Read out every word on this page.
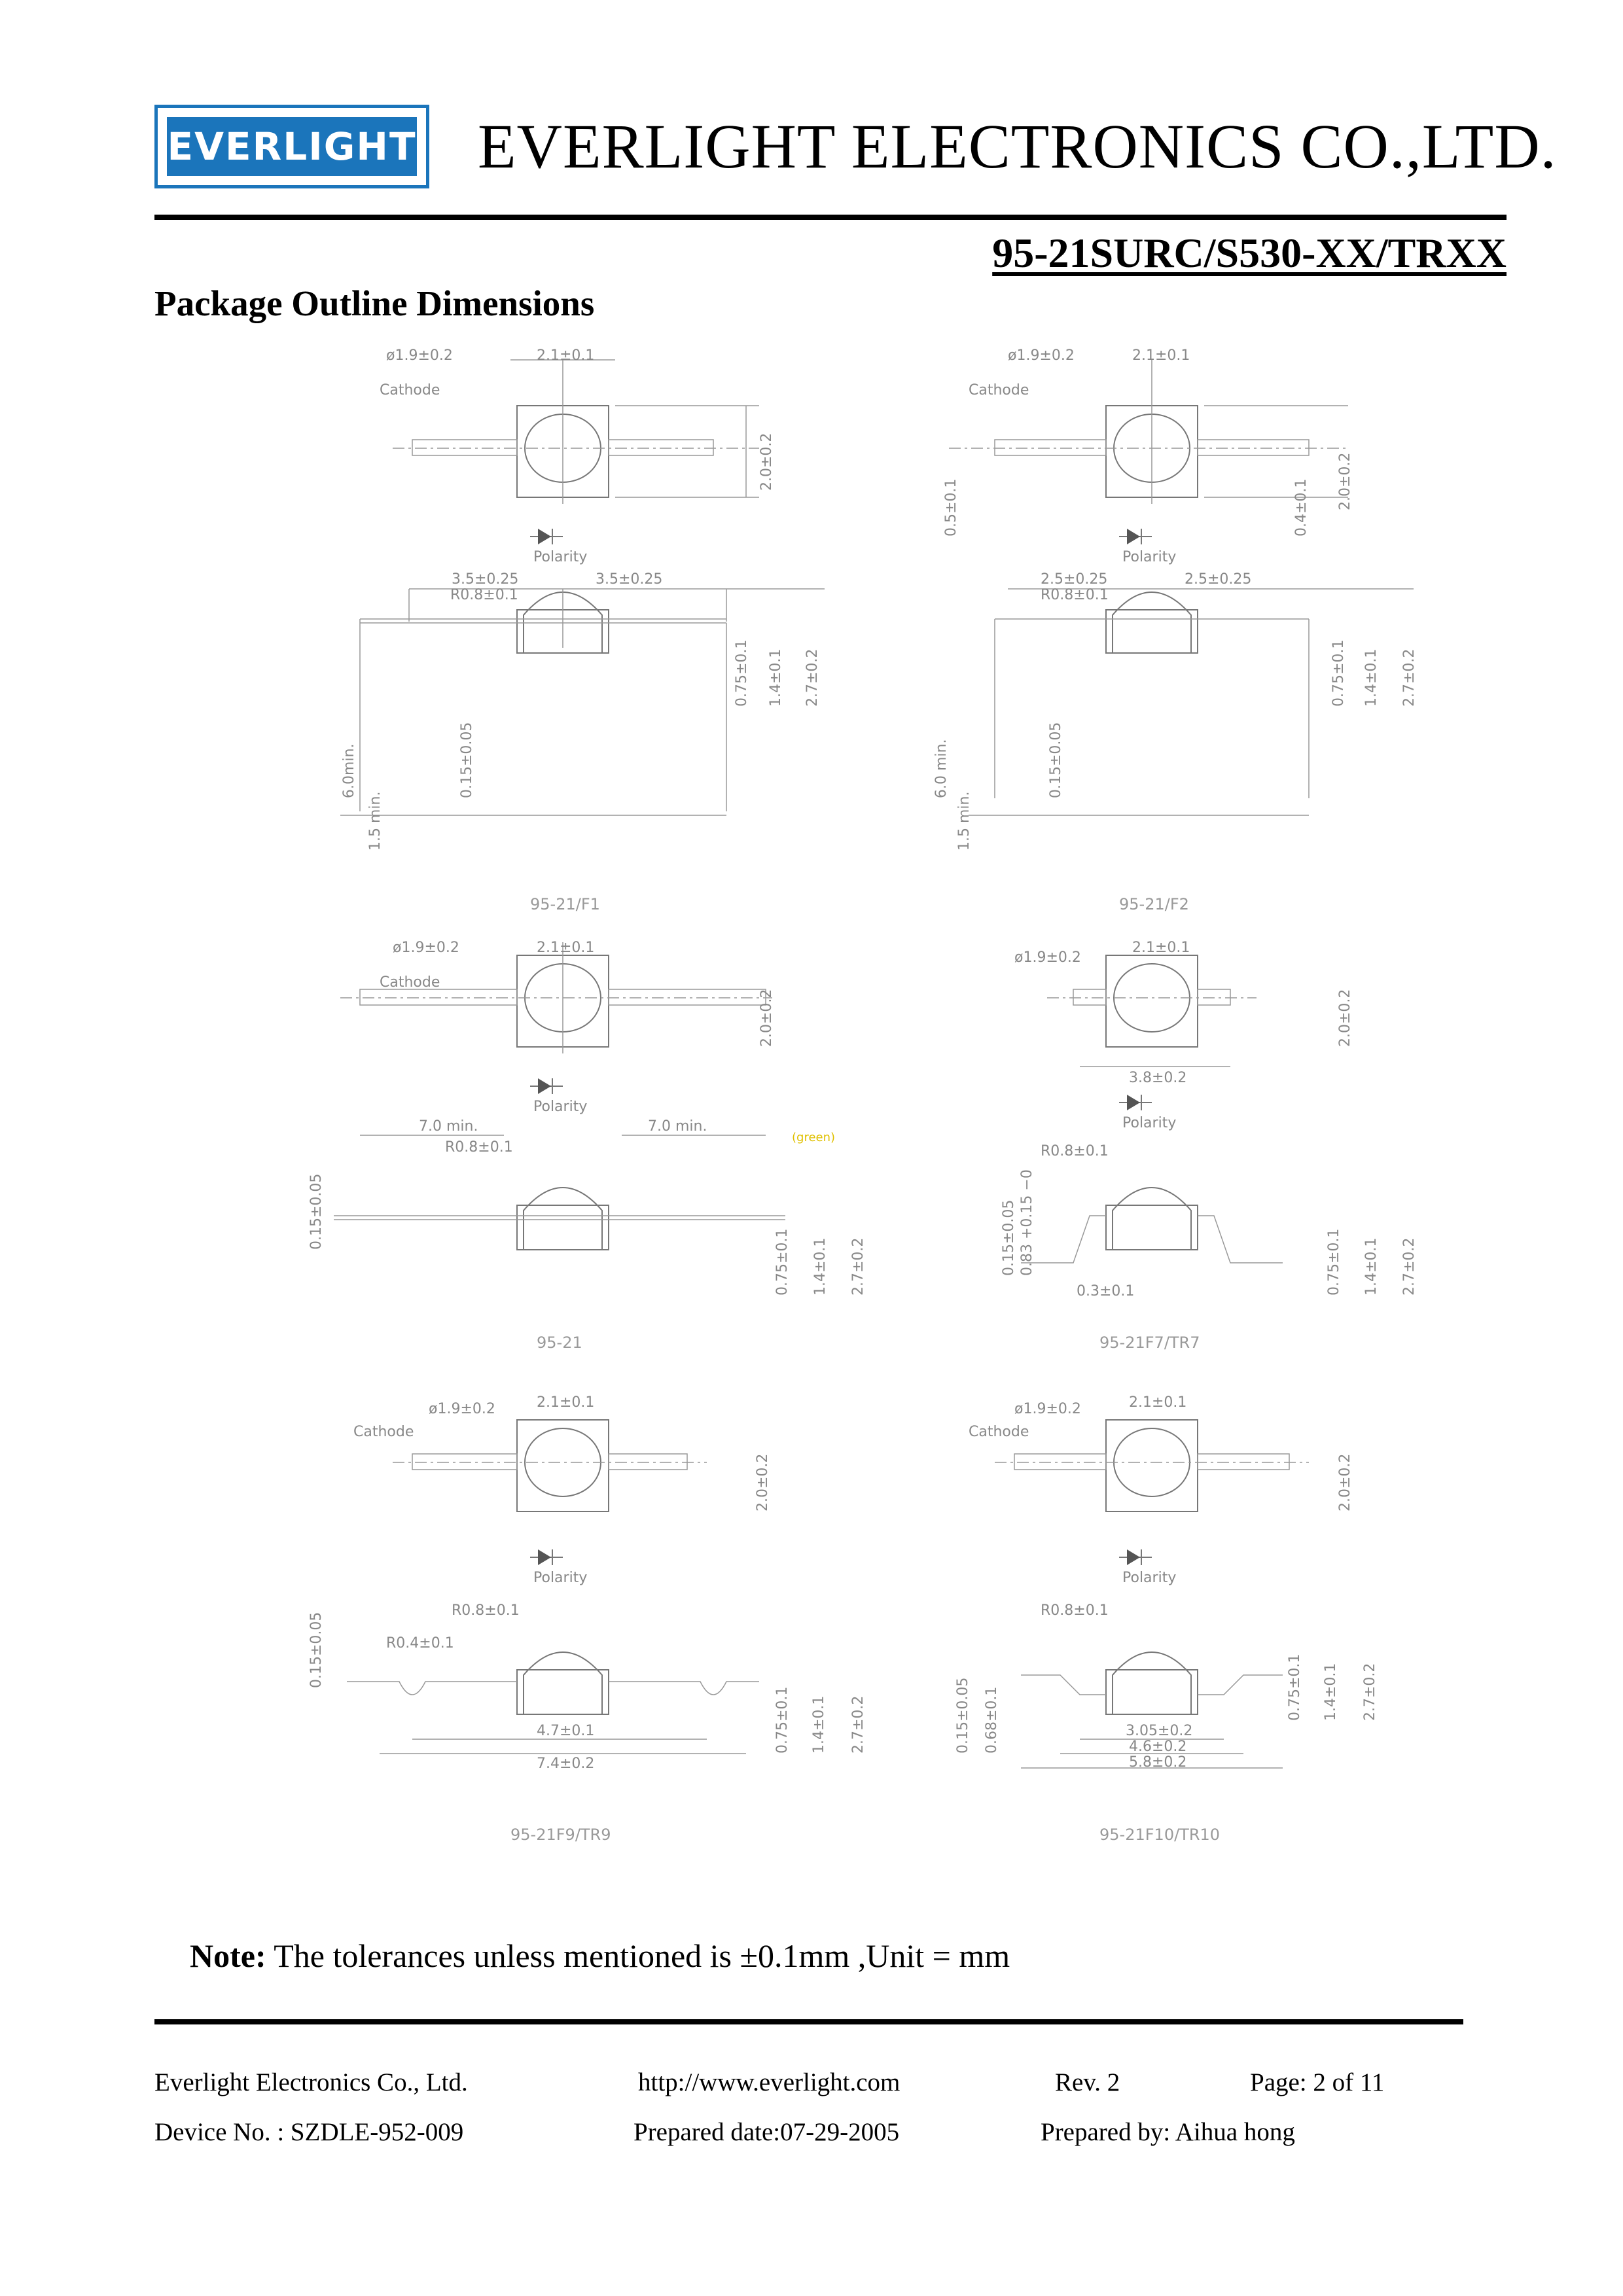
EVERLIGHT EVERLIGHT ELECTRONICS CO.,LTD.
95-21SURC/S530-XX/TRXX
Package Outline Dimensions
ø1.9±0.2	2.1±0.1
Cathode
2.0±0.2
Polarity
3.5±0.25	3.5±0.25
R0.8±0.1
0.75±0.1 1.4±0.1 2.7±0.2
0.15±0.05
6.0min.
1.5 min.
95-21/F1
ø1.9±0.2	2.1±0.1
Cathode
2.0±0.2
0.5±0.1	0.4±0.1
Polarity
2.5±0.25	2.5±0.25
R0.8±0.1
0.75±0.1 1.4±0.1 2.7±0.2
0.15±0.05
6.0 min.
1.5 min.
95-21/F2
ø1.9±0.2	2.1±0.1
Cathode
2.0±0.2
Polarity
7.0 min.	7.0 min.
(green)
R0.8±0.1
0.75±0.1 1.4±0.1 2.7±0.2
0.15±0.05
95-21
ø1.9±0.2
2.1±0.1
2.0±0.2
3.8±0.2
Polarity
R0.8±0.1
0.15±0.05 0.83 +0.15 −0
0.3±0.1	0.75±0.1 1.4±0.1 2.7±0.2
95-21F7/TR7
ø1.9±0.2	2.1±0.1
Cathode
2.0±0.2
Polarity
R0.8±0.1
R0.4±0.1
4.7±0.1
7.4±0.2
0.15±0.05
0.75±0.1 1.4±0.1 2.7±0.2
95-21F9/TR9
ø1.9±0.2	2.1±0.1
Cathode
2.0±0.2
Polarity
R0.8±0.1
3.05±0.2
4.6±0.2
5.8±0.2
0.15±0.05 0.68±0.1	0.75±0.1 1.4±0.1 2.7±0.2
95-21F10/TR10
Note: The tolerances unless mentioned is ±0.1mm ,Unit = mm
Everlight Electronics Co., Ltd.	http://www.everlight.com	Rev. 2	Page: 2 of 11
Device No. : SZDLE-952-009	Prepared date:07-29-2005	Prepared by: Aihua hong
